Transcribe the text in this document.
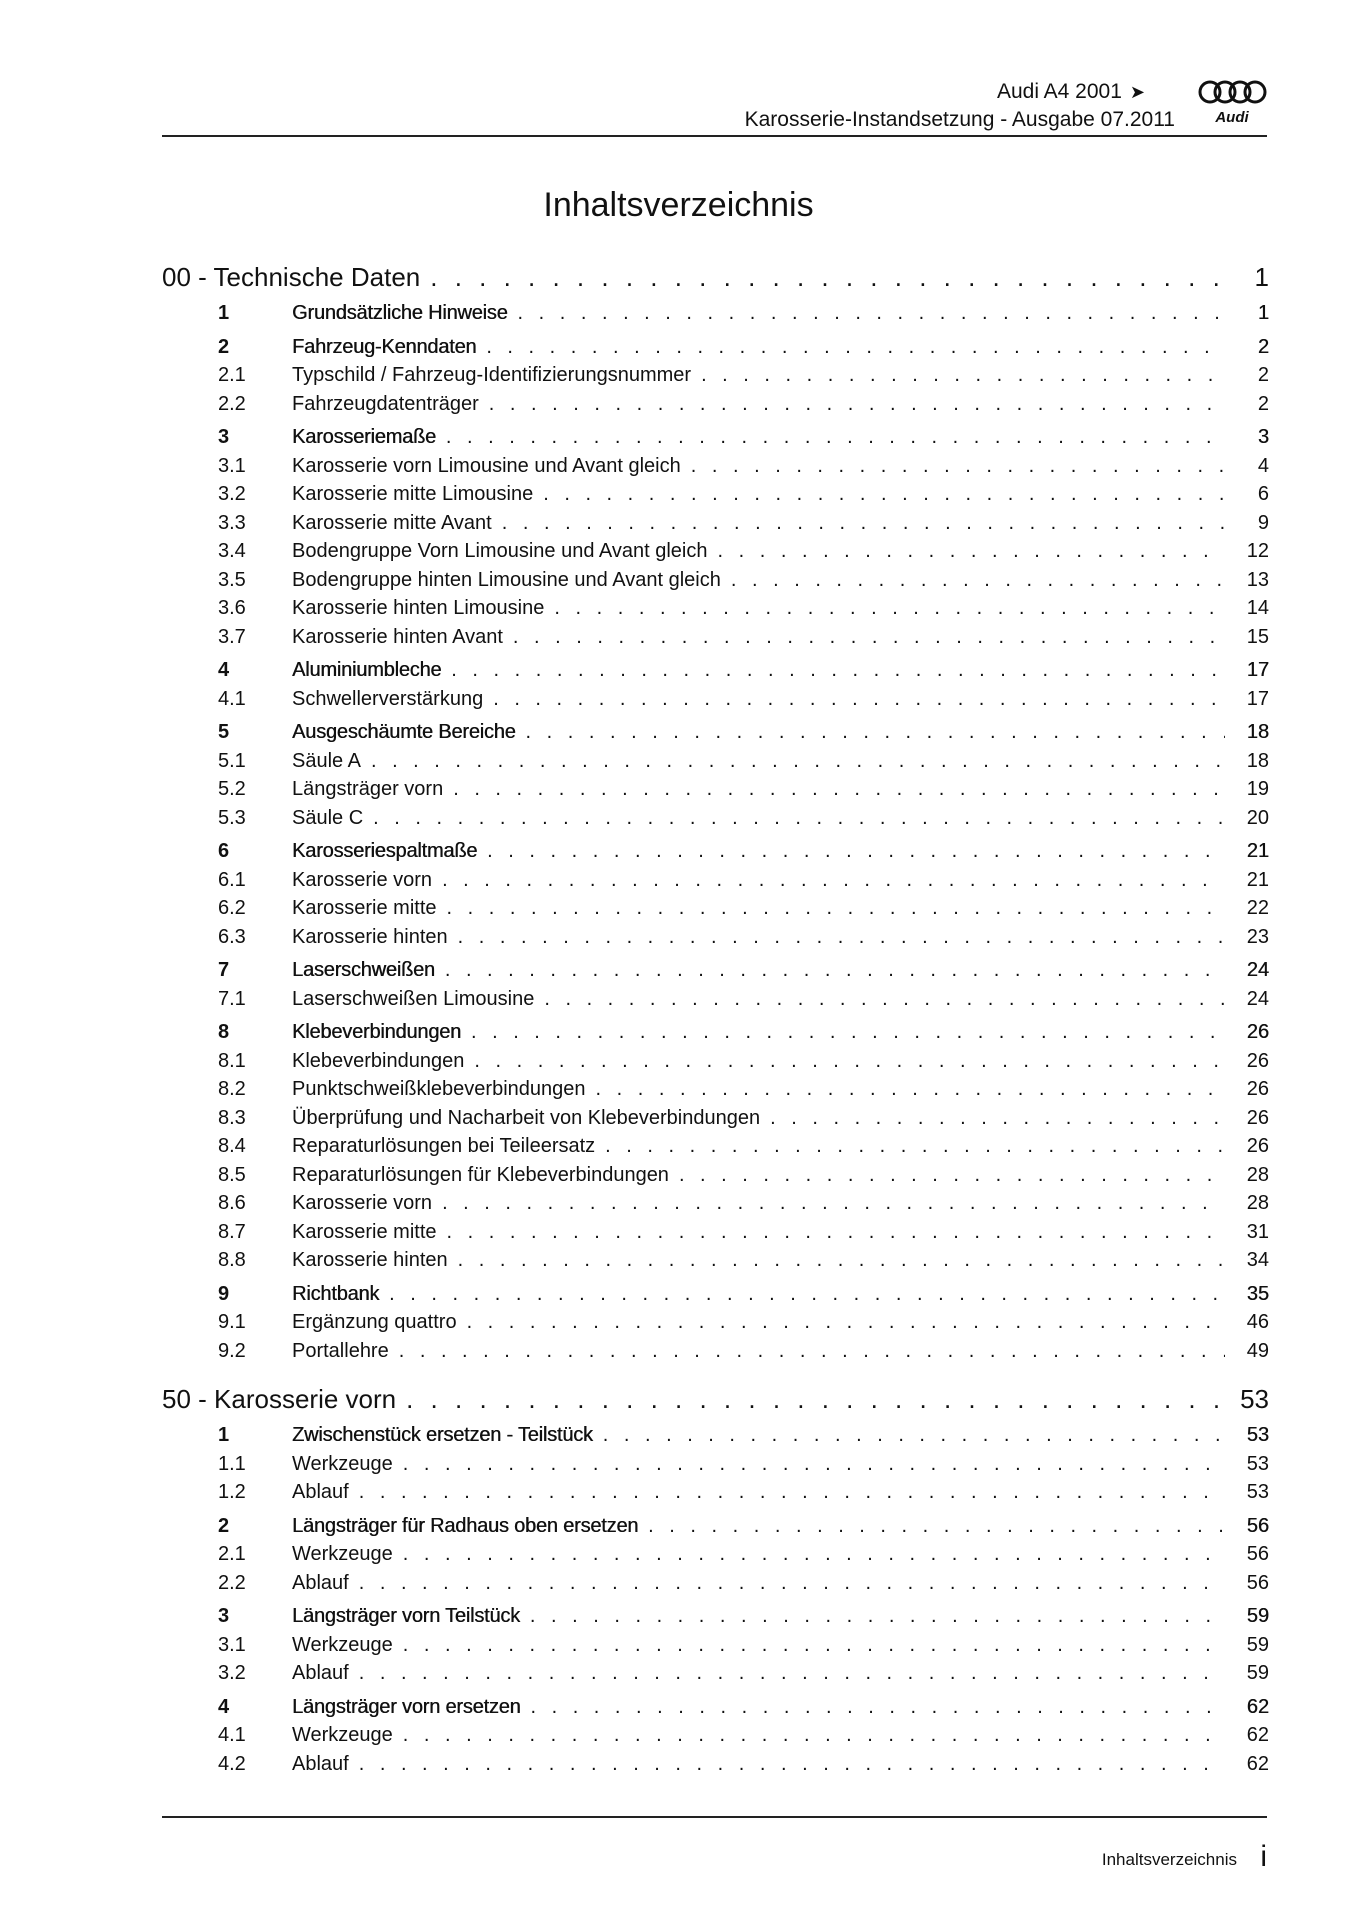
Audi A4 2001 ➤
Karosserie-Instandsetzung - Ausgabe 07.2011	Audi
Inhaltsverzeichnis
00 - Technische Daten . . .	1
1	Grundsätzliche Hinweise . . .	1
2	Fahrzeug-Kenndaten . . .	2
2.1	Typschild / Fahrzeug-Identifizierungsnummer . . .	2
2.2	Fahrzeugdatenträger . . .	2
3	Karosseriemaße . . .	3
3.1	Karosserie vorn Limousine und Avant gleich . . .	4
3.2	Karosserie mitte Limousine . . .	6
3.3	Karosserie mitte Avant . . .	9
3.4	Bodengruppe Vorn Limousine und Avant gleich . . .	12
3.5	Bodengruppe hinten Limousine und Avant gleich . . .	13
3.6	Karosserie hinten Limousine . . .	14
3.7	Karosserie hinten Avant . . .	15
4	Aluminiumbleche . . .	17
4.1	Schwellerverstärkung . . .	17
5	Ausgeschäumte Bereiche . . .	18
5.1	Säule A . . .	18
5.2	Längsträger vorn . . .	19
5.3	Säule C . . .	20
6	Karosseriespaltmaße . . .	21
6.1	Karosserie vorn . . .	21
6.2	Karosserie mitte . . .	22
6.3	Karosserie hinten . . .	23
7	Laserschweißen . . .	24
7.1	Laserschweißen Limousine . . .	24
8	Klebeverbindungen . . .	26
8.1	Klebeverbindungen . . .	26
8.2	Punktschweißklebeverbindungen . . .	26
8.3	Überprüfung und Nacharbeit von Klebeverbindungen . . .	26
8.4	Reparaturlösungen bei Teileersatz . . .	26
8.5	Reparaturlösungen für Klebeverbindungen . . .	28
8.6	Karosserie vorn . . .	28
8.7	Karosserie mitte . . .	31
8.8	Karosserie hinten . . .	34
9	Richtbank . . .	35
9.1	Ergänzung quattro . . .	46
9.2	Portallehre . . .	49
50 - Karosserie vorn . . .	53
1	Zwischenstück ersetzen - Teilstück . . .	53
1.1	Werkzeuge . . .	53
1.2	Ablauf . . .	53
2	Längsträger für Radhaus oben ersetzen . . .	56
2.1	Werkzeuge . . .	56
2.2	Ablauf . . .	56
3	Längsträger vorn Teilstück . . .	59
3.1	Werkzeuge . . .	59
3.2	Ablauf . . .	59
4	Längsträger vorn ersetzen . . .	62
4.1	Werkzeuge . . .	62
4.2	Ablauf . . .	62
Inhaltsverzeichnis i
